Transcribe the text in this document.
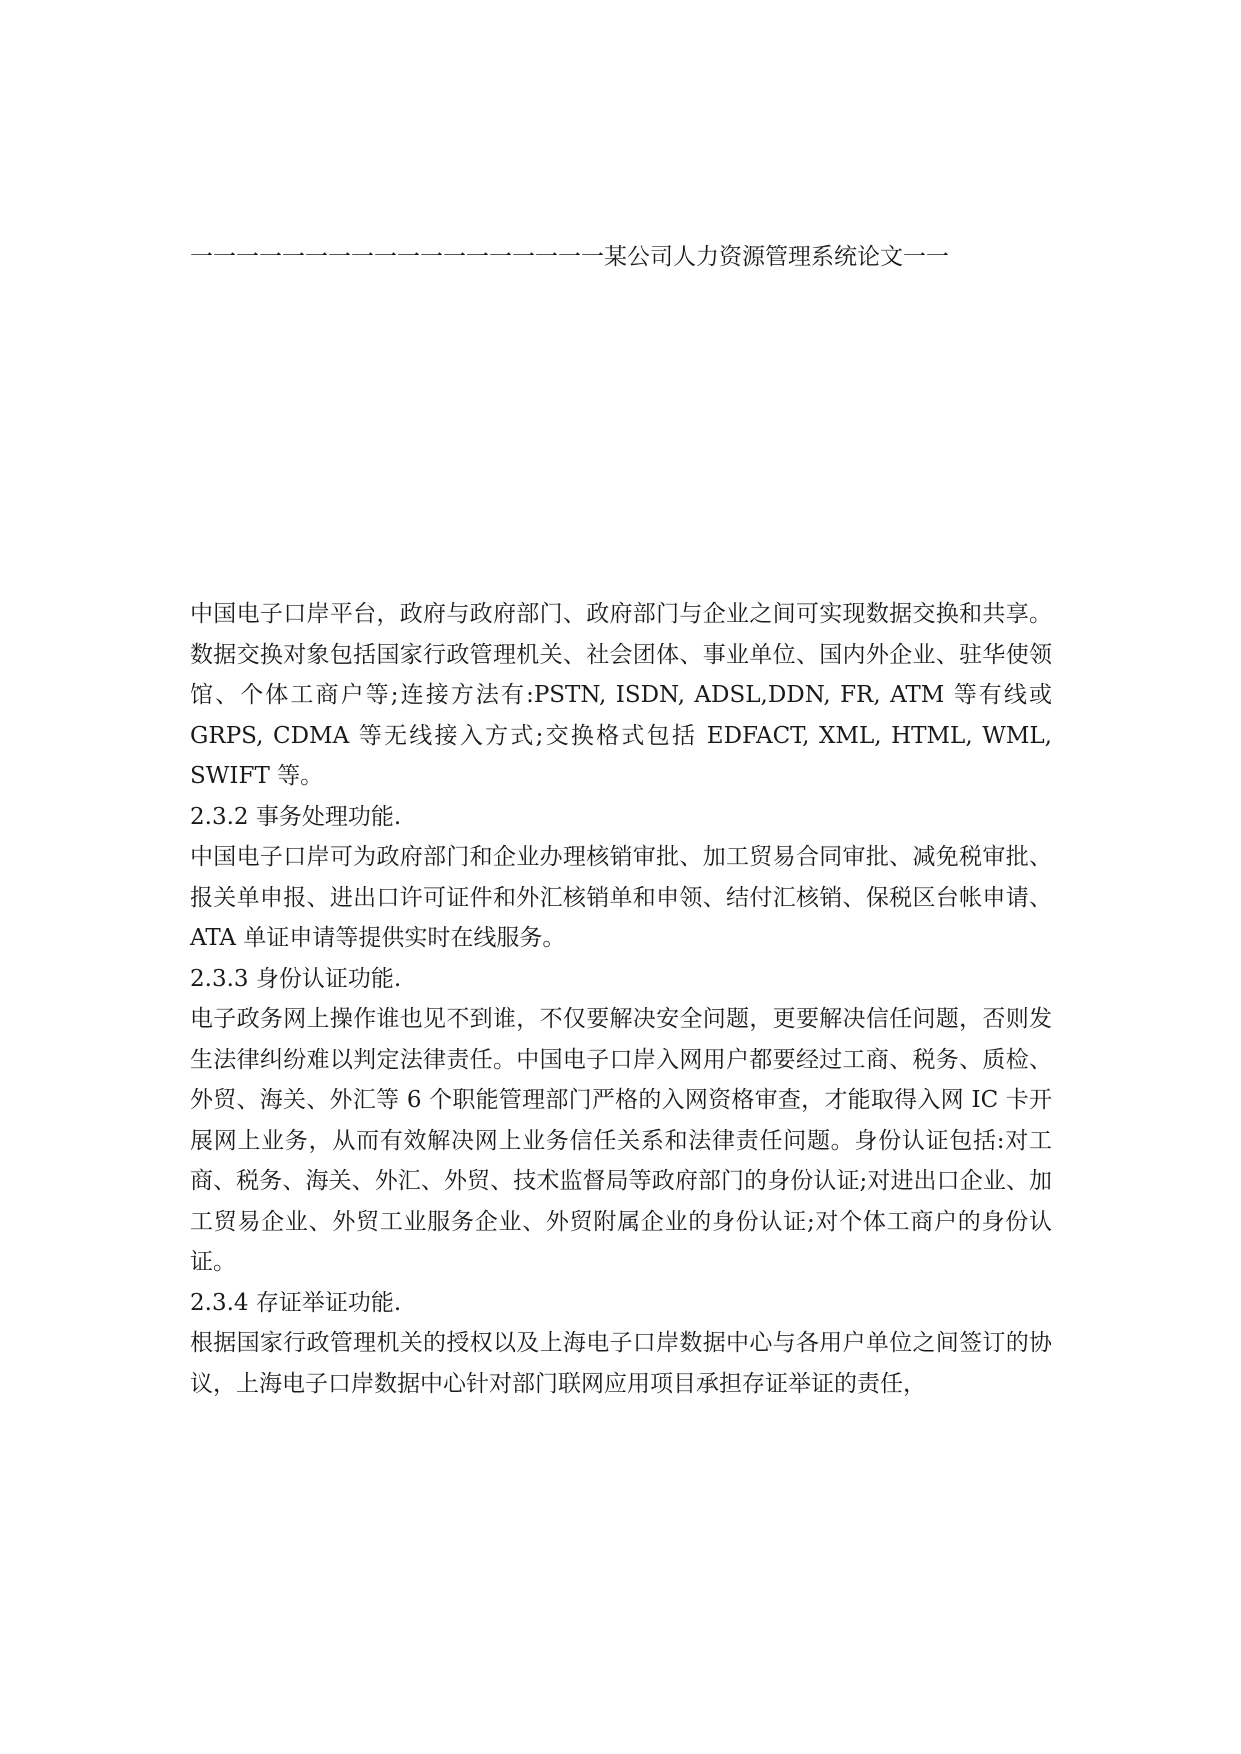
一一一一一一一一一一一一一一一一一一某公司人力资源管理系统论文一一

中国电子口岸平台，政府与政府部门、政府部门与企业之间可实现数据交换和共享。数据交换对象包括国家行政管理机关、社会团体、事业单位、国内外企业、驻华使领馆、个体工商户等;连接方法有:PSTN, ISDN, ADSL,DDN, FR, ATM 等有线或 GRPS, CDMA 等无线接入方式;交换格式包括 EDFACT, XML, HTML, WML, SWIFT 等。

2.3.2 事务处理功能.

中国电子口岸可为政府部门和企业办理核销审批、加工贸易合同审批、减免税审批、报关单申报、进出口许可证件和外汇核销单和申领、结付汇核销、保税区台帐申请、ATA 单证申请等提供实时在线服务。

2.3.3 身份认证功能.

电子政务网上操作谁也见不到谁，不仅要解决安全问题，更要解决信任问题，否则发生法律纠纷难以判定法律责任。中国电子口岸入网用户都要经过工商、税务、质检、外贸、海关、外汇等 6 个职能管理部门严格的入网资格审查，才能取得入网 IC 卡开展网上业务，从而有效解决网上业务信任关系和法律责任问题。身份认证包括:对工商、税务、海关、外汇、外贸、技术监督局等政府部门的身份认证;对进出口企业、加工贸易企业、外贸工业服务企业、外贸附属企业的身份认证;对个体工商户的身份认证。

2.3.4 存证举证功能.

根据国家行政管理机关的授权以及上海电子口岸数据中心与各用户单位之间签订的协议，上海电子口岸数据中心针对部门联网应用项目承担存证举证的责任，
